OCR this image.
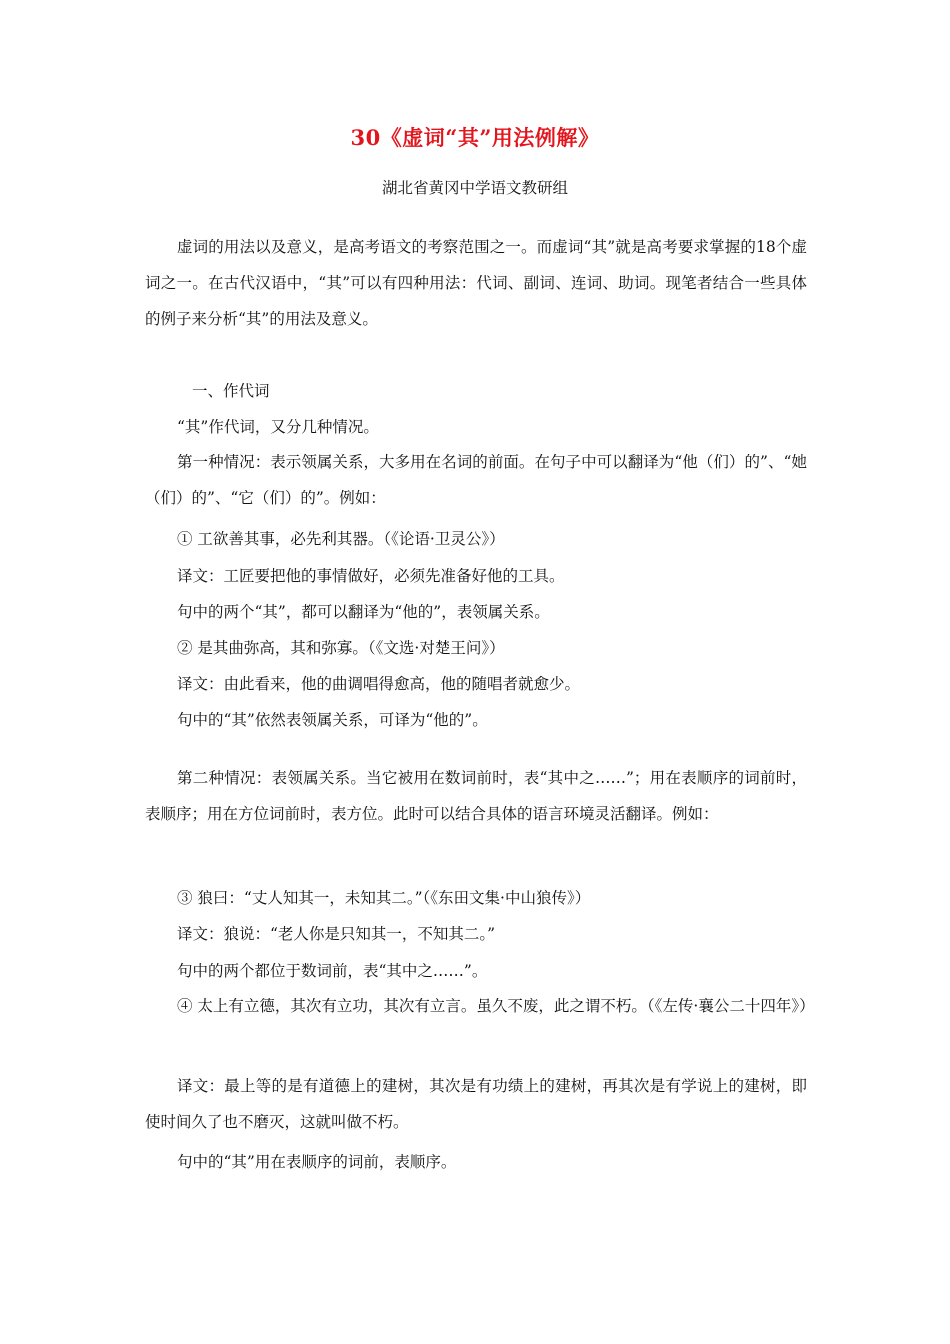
30《虚词“其”用法例解》
湖北省黄冈中学语文教研组

虚词的用法以及意义，是高考语文的考察范围之一。而虚词“其”就是高考要求掌握的18个虚词之一。在古代汉语中，“其”可以有四种用法：代词、副词、连词、助词。现笔者结合一些具体的例子来分析“其”的用法及意义。

一、作代词
“其”作代词，又分几种情况。

第一种情况：表示领属关系，大多用在名词的前面。在句子中可以翻译为“他（们）的”、“她（们）的”、“它（们）的”。例如：

① 工欲善其事，必先利其器。（《论语·卫灵公》）
译文：工匠要把他的事情做好，必须先准备好他的工具。
句中的两个“其”，都可以翻译为“他的”，表领属关系。
② 是其曲弥高，其和弥寡。（《文选·对楚王问》）
译文：由此看来，他的曲调唱得愈高，他的随唱者就愈少。
句中的“其”依然表领属关系，可译为“他的”。

第二种情况：表领属关系。当它被用在数词前时，表“其中之……”；用在表顺序的词前时，表顺序；用在方位词前时，表方位。此时可以结合具体的语言环境灵活翻译。例如：

③ 狼曰：“丈人知其一，未知其二。”（《东田文集·中山狼传》）
译文：狼说：“老人你是只知其一，不知其二。”
句中的两个都位于数词前，表“其中之……”。

④ 太上有立德，其次有立功，其次有立言。虽久不废，此之谓不朽。（《左传·襄公二十四年》）

译文：最上等的是有道德上的建树，其次是有功绩上的建树，再其次是有学说上的建树，即使时间久了也不磨灭，这就叫做不朽。

句中的“其”用在表顺序的词前，表顺序。
